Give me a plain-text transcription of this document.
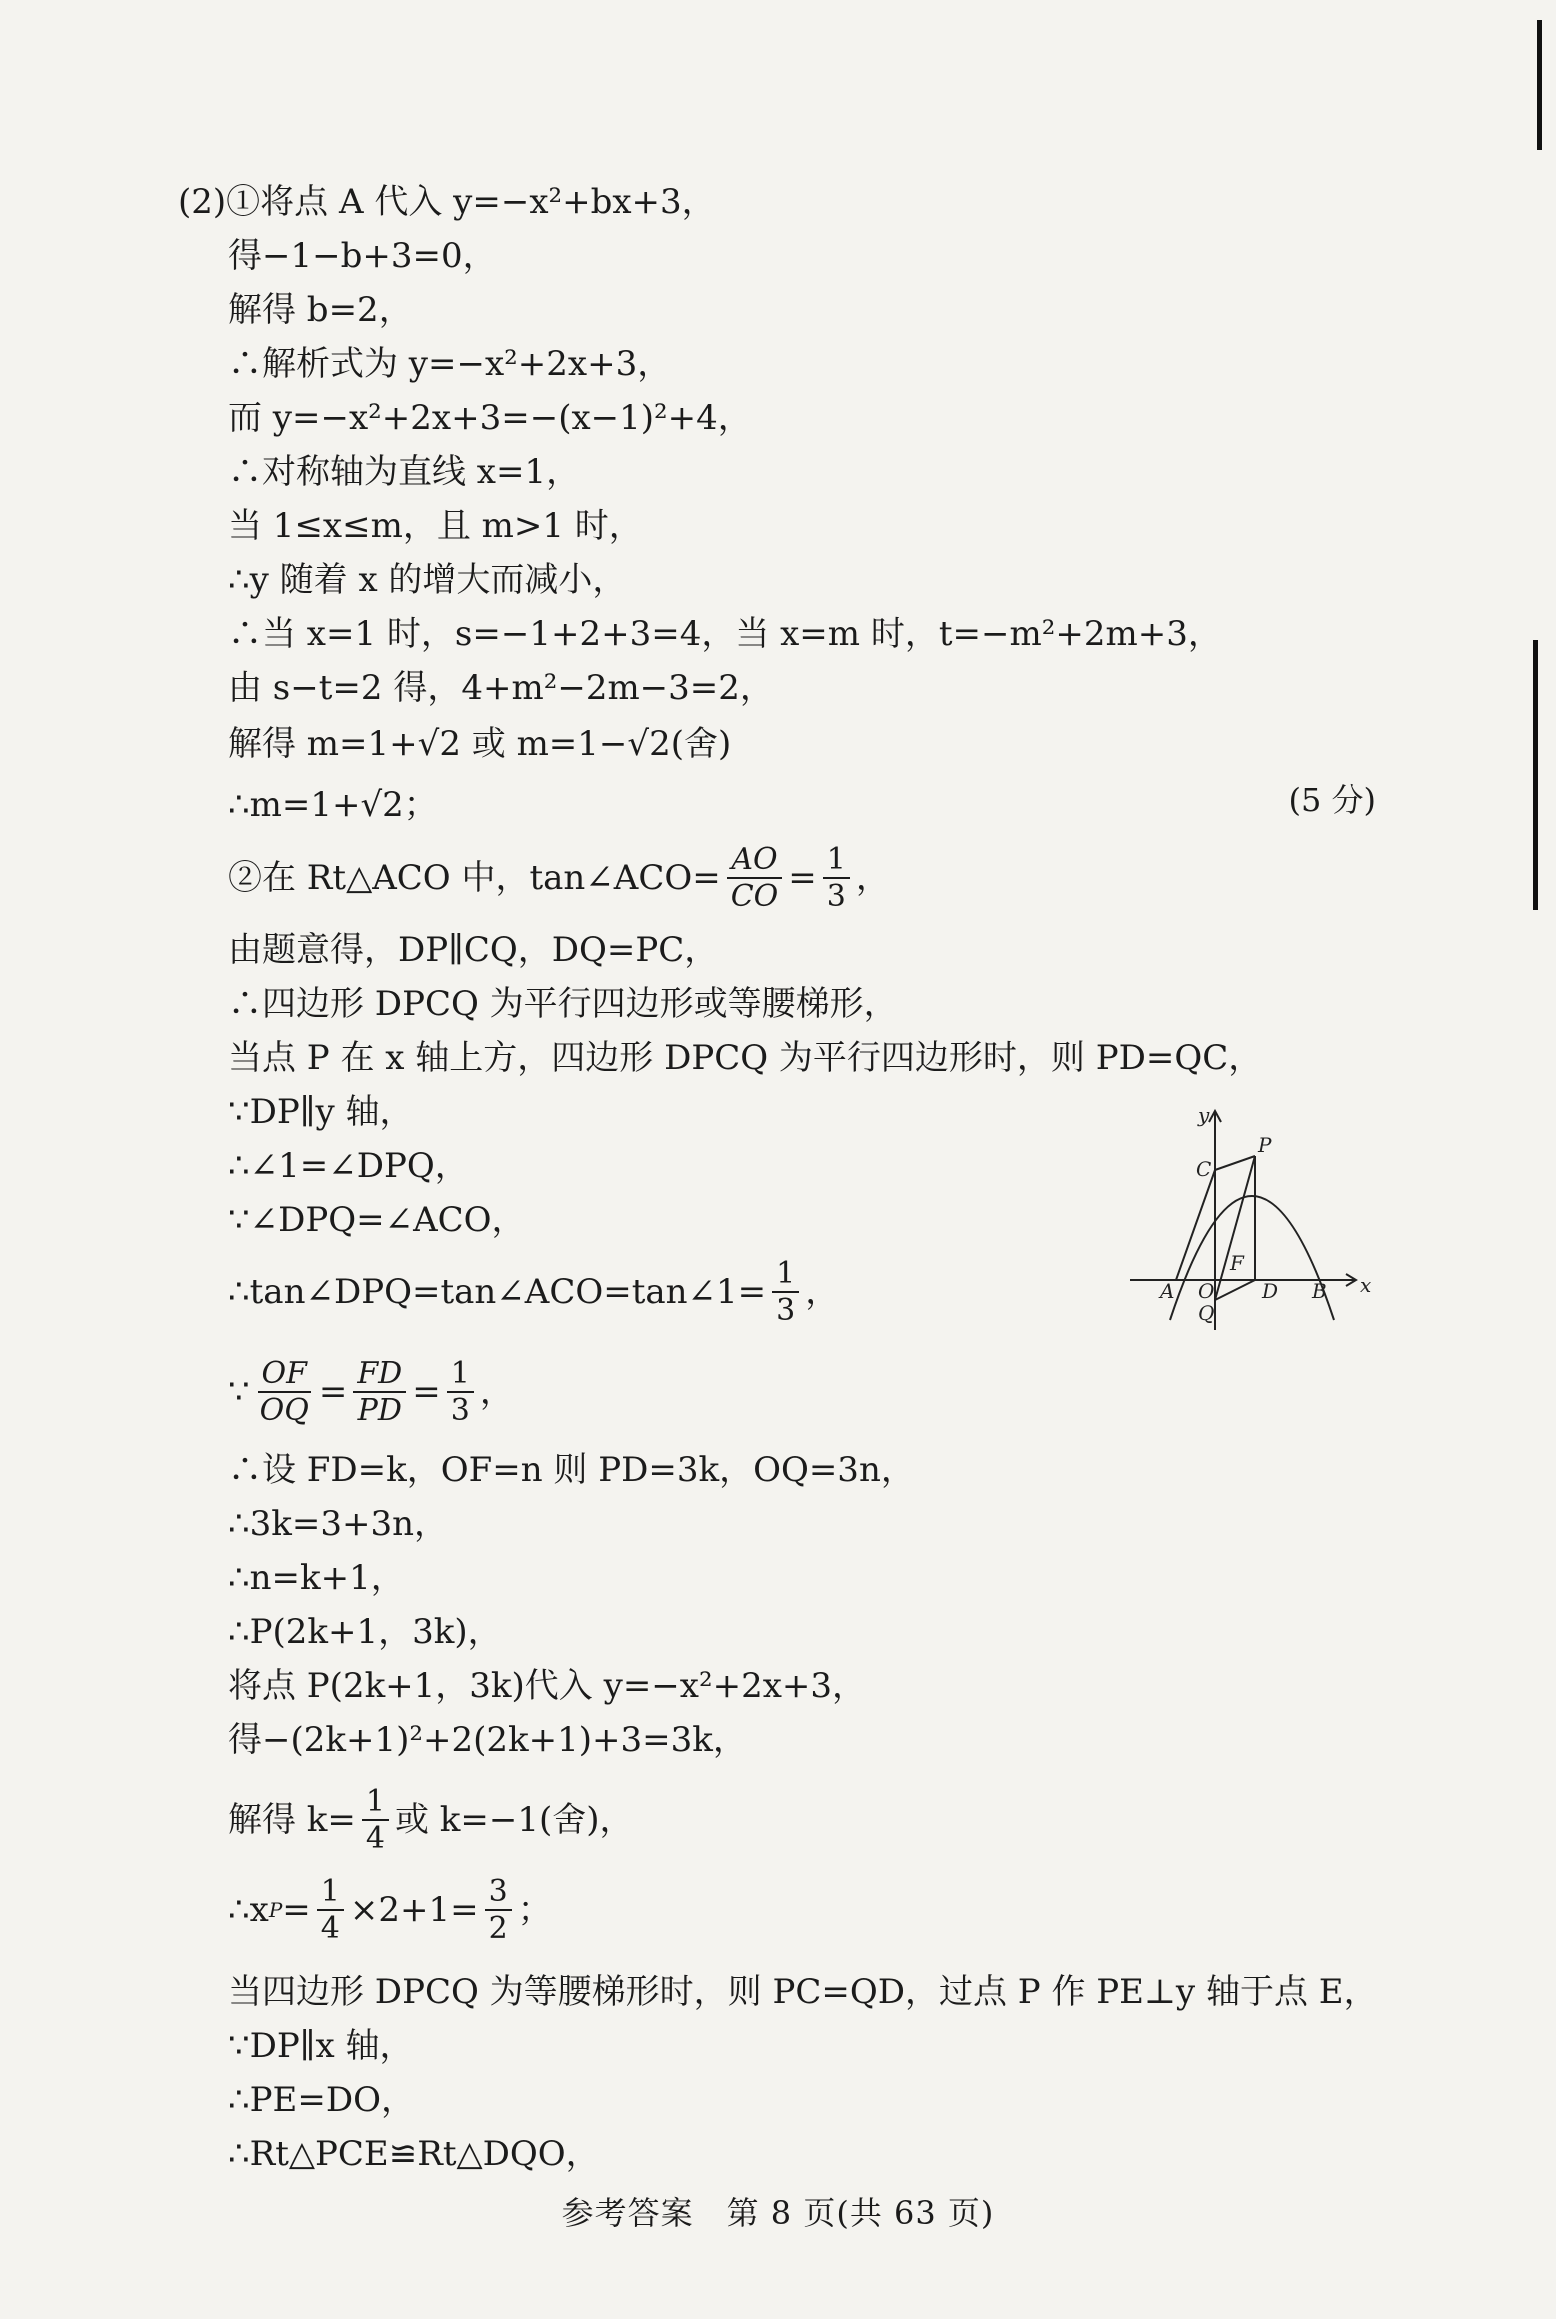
(2)①将点 A 代入 y=−x²+bx+3，
得−1−b+3=0，
解得 b=2，
∴解析式为 y=−x²+2x+3，
而 y=−x²+2x+3=−(x−1)²+4，
∴对称轴为直线 x=1，
当 1≤x≤m，且 m>1 时，
∴y 随着 x 的增大而减小，
∴当 x=1 时，s=−1+2+3=4，当 x=m 时，t=−m²+2m+3，
由 s−t=2 得，4+m²−2m−3=2，
解得 m=1+√2 或 m=1−√2(舍)
∴m=1+√2；	(5 分)
②在 Rt△ACO 中，tan∠ACO= $\frac{AO}{CO} = \frac{1}{3}$ ，
由题意得，DP∥CQ，DQ=PC，
∴四边形 DPCQ 为平行四边形或等腰梯形，
当点 P 在 x 轴上方，四边形 DPCQ 为平行四边形时，则 PD=QC，
∵DP∥y 轴，
∴∠1=∠DPQ，
∵∠DPQ=∠ACO，
∴tan∠DPQ=tan∠ACO=tan∠1= $\frac{1}{3}$ ，
∵ $\frac{OF}{OQ} = \frac{FD}{PD} = \frac{1}{3}$ ，
∴设 FD=k，OF=n 则 PD=3k，OQ=3n，
∴3k=3+3n，
∴n=k+1，
∴P(2k+1，3k)，
将点 P(2k+1，3k)代入 y=−x²+2x+3，
得−(2k+1)²+2(2k+1)+3=3k，
解得 $k= \frac{1}{4}$ 或 k=−1(舍)，
∴x $P = \frac{1}{4} \times 2+1= \frac{3}{2}$ ；
当四边形 DPCQ 为等腰梯形时，则 PC=QD，过点 P 作 PE⊥y 轴于点 E，
∵DP∥x 轴，
∴PE=DO，
∴Rt△PCE≌Rt△DQO，
y
x
C
P
F
A O D B
Q
参考答案　第 8 页(共 63 页)
